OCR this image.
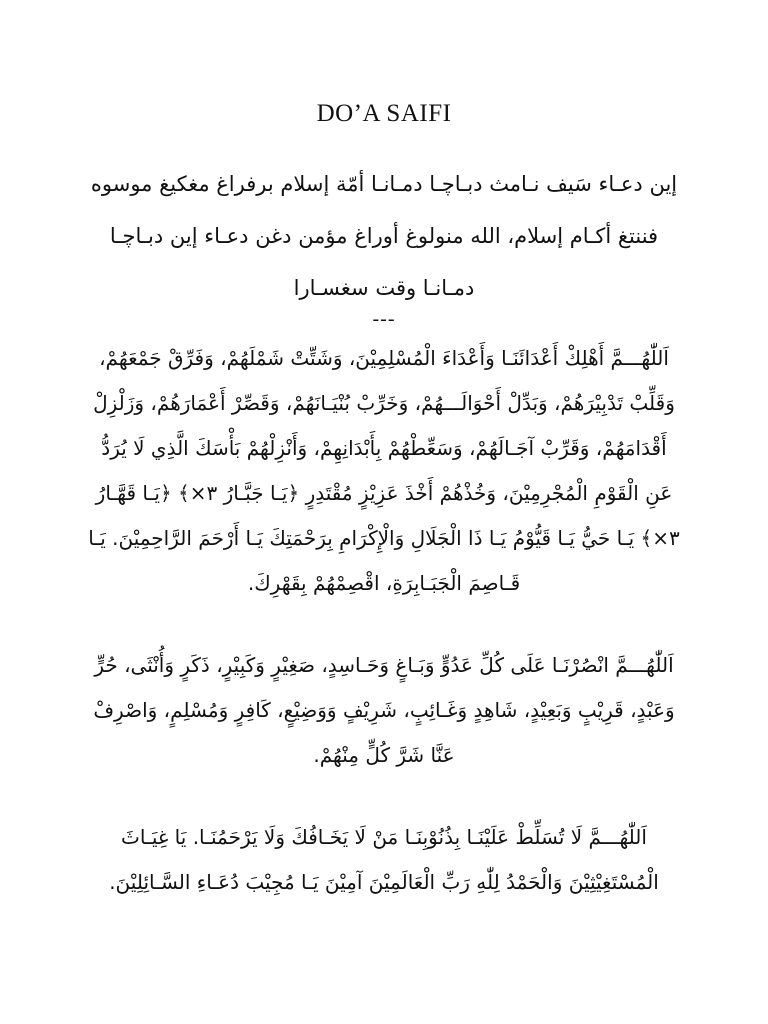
DO’A SAIFI
إين دعـاء سَيف نـامث دبـاچـا دمـانـا أمّة إسلام برفراغ مغكيغ موسوه فننتغ أكـام إسلام، الله منولوغ أوراغ مؤمن دغن دعـاء إين دبـاچـا دمـانـا وقت سغسـارا
---
اَللّٰهُـــمَّ أَهْلِكْ أَعْدَائَنَـا وَأَعْدَاءَ الْمُسْلِمِيْنَ، وَشَتِّتْ شَمْلَهُمْ، وَفَرِّقْ جَمْعَهُمْ، وَقَلِّبْ تَدْبِيْرَهُمْ، وَبَدِّلْ أَحْوَالَـــهُمْ، وَخَرِّبْ بُنْيَـانَهُمْ، وَقَصِّرْ أَعْمَارَهُمْ، وَزَلْزِلْ أَقْدَامَهُمْ، وَقَرِّبْ آجَـالَهُمْ، وَسَعِّطْهُمْ بِأَبْدَانِهِمْ، وَأَنْزِلْهُمْ بَأْسَكَ الَّذِي لَا يُرَدُّ عَنِ الْقَوْمِ الْمُجْرِمِيْنَ، وَخُذْهُمْ أَخْذَ عَزِيْزٍ مُقْتَدِرٍ ﴿يَـا جَبَّـارُ ٣×﴾ ﴿يَـا قَهَّـارُ ٣×﴾ يَـا حَيُّ يَـا قَيُّوْمُ يَـا ذَا الْجَلَالِ وَالْإِكْرَامِ بِرَحْمَتِكَ يَـا أَرْحَمَ الرَّاحِمِيْنَ. يَـا قَـاصِمَ الْجَبَـابِرَةِ، اقْصِمْهُمْ بِقَهْرِكَ.
اَللّٰهُـــمَّ انْصُرْنَـا عَلَى كُلِّ عَدُوٍّ وَبَـاغٍ وَحَـاسِدٍ، صَغِيْرٍ وَكَبِيْرٍ، ذَكَرٍ وَأُنْثَى، حُرٍّ وَعَبْدٍ، قَرِيْبٍ وَبَعِيْدٍ، شَاهِدٍ وَغَـائِبٍ، شَرِيْفٍ وَوَضِيْعٍ، كَافِرٍ وَمُسْلِمٍ، وَاصْرِفْ عَنَّا شَرَّ كُلٍّ مِنْهُمْ.
اَللّٰهُـــمَّ لَا تُسَلِّطْ عَلَيْنَـا بِذُنُوْبِنَـا مَنْ لَا يَخَـافُكَ وَلَا يَرْحَمُنَـا. يَا غِيَـاثَ الْمُسْتَغِيْثِيْنَ وَالْحَمْدُ لِلّٰهِ رَبِّ الْعَالَمِيْنَ آمِيْنَ يَـا مُجِيْبَ دُعَـاءِ السَّـائِلِيْنَ.
